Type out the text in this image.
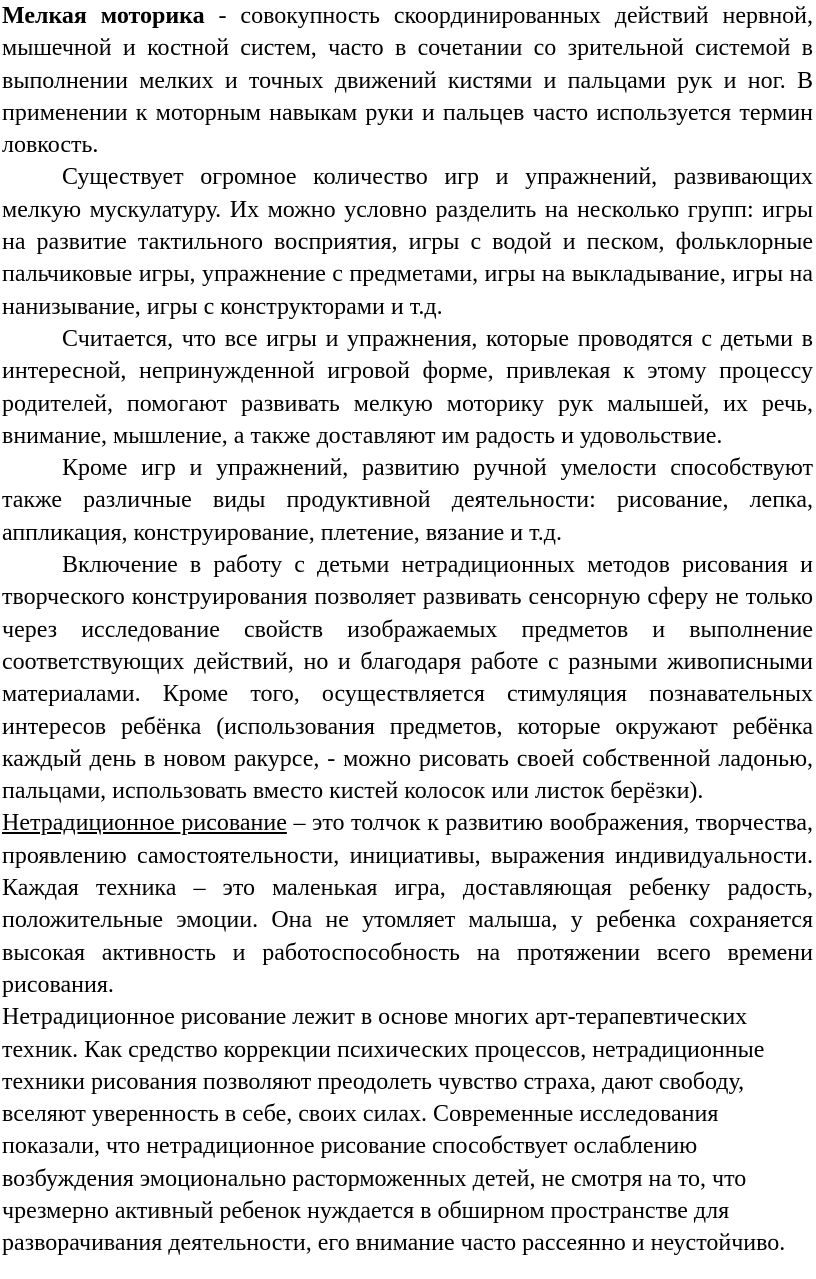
Мелкая моторика - совокупность скоординированных действий нервной, мышечной и костной систем, часто в сочетании со зрительной системой в выполнении мелких и точных движений кистями и пальцами рук и ног. В применении к моторным навыкам руки и пальцев часто используется термин ловкость.

Существует огромное количество игр и упражнений, развивающих мелкую мускулатуру. Их можно условно разделить на несколько групп: игры на развитие тактильного восприятия, игры с водой и песком, фольклорные пальчиковые игры, упражнение с предметами, игры на выкладывание, игры на нанизывание, игры с конструкторами и т.д.

Считается, что все игры и упражнения, которые проводятся с детьми в интересной, непринужденной игровой форме, привлекая к этому процессу родителей, помогают развивать мелкую моторику рук малышей, их речь, внимание, мышление, а также доставляют им радость и удовольствие.

Кроме игр и упражнений, развитию ручной умелости способствуют также различные виды продуктивной деятельности: рисование, лепка, аппликация, конструирование, плетение, вязание и т.д.

Включение в работу с детьми нетрадиционных методов рисования и творческого конструирования позволяет развивать сенсорную сферу не только через исследование свойств изображаемых предметов и выполнение соответствующих действий, но и благодаря работе с разными живописными материалами. Кроме того, осуществляется стимуляция познавательных интересов ребёнка (использования предметов, которые окружают ребёнка каждый день в новом ракурсе, - можно рисовать своей собственной ладонью, пальцами, использовать вместо кистей колосок или листок берёзки).

Нетрадиционное рисование – это толчок к развитию воображения, творчества, проявлению самостоятельности, инициативы, выражения индивидуальности. Каждая техника – это маленькая игра, доставляющая ребенку радость, положительные эмоции. Она не утомляет малыша, у ребенка сохраняется высокая активность и работоспособность на протяжении всего времени рисования.

Нетрадиционное рисование лежит в основе многих арт-терапевтических техник. Как средство коррекции психических процессов, нетрадиционные техники рисования позволяют преодолеть чувство страха, дают свободу, вселяют уверенность в себе, своих силах. Современные исследования показали, что нетрадиционное рисование способствует ослаблению возбуждения эмоционально расторможенных детей, не смотря на то, что чрезмерно активный ребенок нуждается в обширном пространстве для разворачивания деятельности, его внимание часто рассеянно и неустойчиво.
